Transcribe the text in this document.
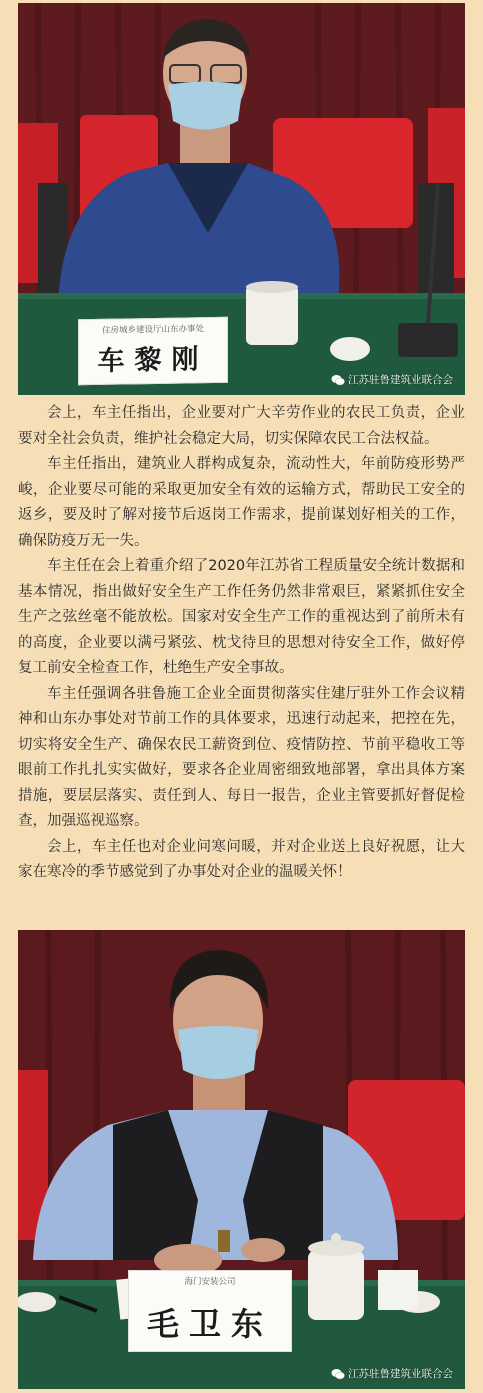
住房城乡建设厅山东办事处
车黎刚
江苏驻鲁建筑业联合会

会上，车主任指出，企业要对广大辛劳作业的农民工负责，企业要对全社会负责，维护社会稳定大局，切实保障农民工合法权益。

车主任指出，建筑业人群构成复杂，流动性大，年前防疫形势严峻，企业要尽可能的采取更加安全有效的运输方式，帮助民工安全的返乡，要及时了解对接节后返岗工作需求，提前谋划好相关的工作，确保防疫万无一失。

车主任在会上着重介绍了2020年江苏省工程质量安全统计数据和基本情况，指出做好安全生产工作任务仍然非常艰巨，紧紧抓住安全生产之弦丝毫不能放松。国家对安全生产工作的重视达到了前所未有的高度，企业要以满弓紧弦、枕戈待旦的思想对待安全工作，做好停复工前安全检查工作，杜绝生产安全事故。

车主任强调各驻鲁施工企业全面贯彻落实住建厅驻外工作会议精神和山东办事处对节前工作的具体要求，迅速行动起来，把控在先，切实将安全生产、确保农民工薪资到位、疫情防控、节前平稳收工等眼前工作扎扎实实做好，要求各企业周密细致地部署，拿出具体方案措施，要层层落实、责任到人、每日一报告，企业主管要抓好督促检查，加强巡视巡察。

会上，车主任也对企业问寒问暖，并对企业送上良好祝愿，让大家在寒冷的季节感觉到了办事处对企业的温暖关怀！

海门安装公司
毛卫东
江苏驻鲁建筑业联合会
